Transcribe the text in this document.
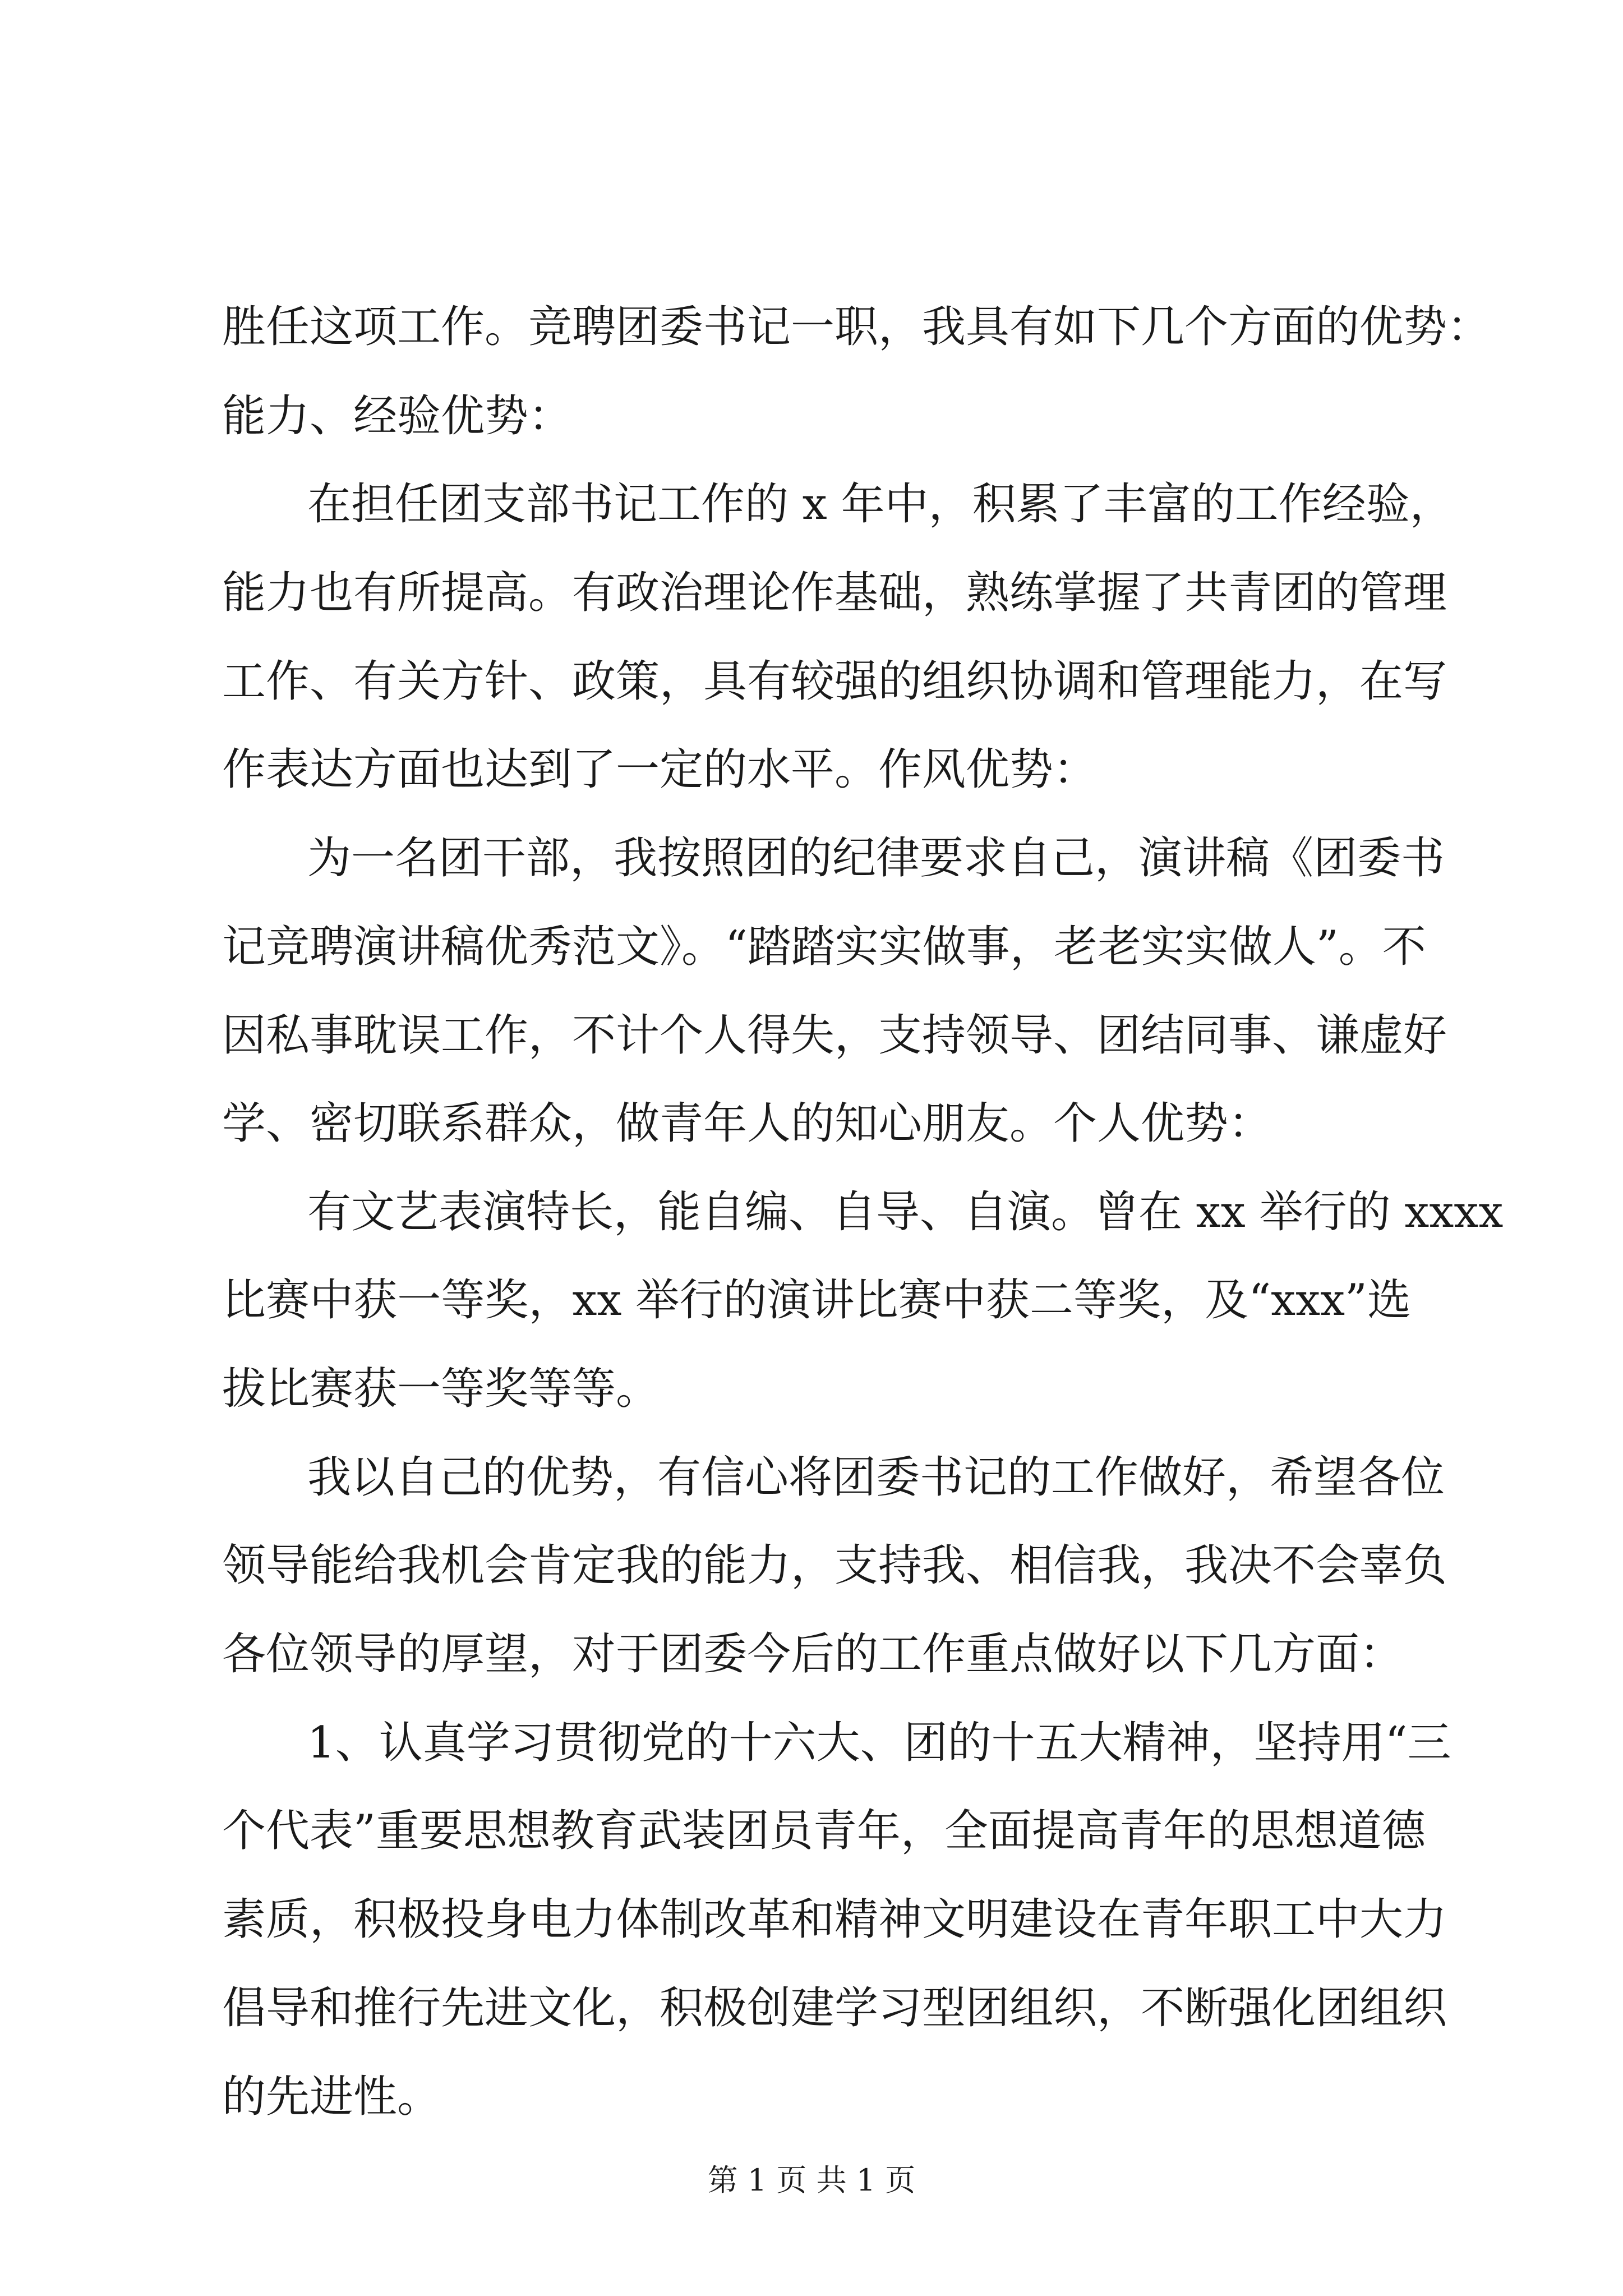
胜任这项工作。竞聘团委书记一职，我具有如下几个方面的优势：
能力、经验优势：
在担任团支部书记工作的 x 年中，积累了丰富的工作经验，
能力也有所提高。有政治理论作基础，熟练掌握了共青团的管理
工作、有关方针、政策，具有较强的组织协调和管理能力，在写
作表达方面也达到了一定的水平。作风优势：
为一名团干部，我按照团的纪律要求自己，演讲稿《团委书
记竞聘演讲稿优秀范文》。“踏踏实实做事，老老实实做人”。不
因私事耽误工作，不计个人得失，支持领导、团结同事、谦虚好
学、密切联系群众，做青年人的知心朋友。个人优势：
有文艺表演特长，能自编、自导、自演。曾在 xx 举行的 xxxx
比赛中获一等奖，xx 举行的演讲比赛中获二等奖，及“xxx”选
拔比赛获一等奖等等。
我以自己的优势，有信心将团委书记的工作做好，希望各位
领导能给我机会肯定我的能力，支持我、相信我，我决不会辜负
各位领导的厚望，对于团委今后的工作重点做好以下几方面：
1、认真学习贯彻党的十六大、团的十五大精神，坚持用“三
个代表”重要思想教育武装团员青年，全面提高青年的思想道德
素质，积极投身电力体制改革和精神文明建设在青年职工中大力
倡导和推行先进文化，积极创建学习型团组织，不断强化团组织
的先进性。
第 1 页 共 1 页
